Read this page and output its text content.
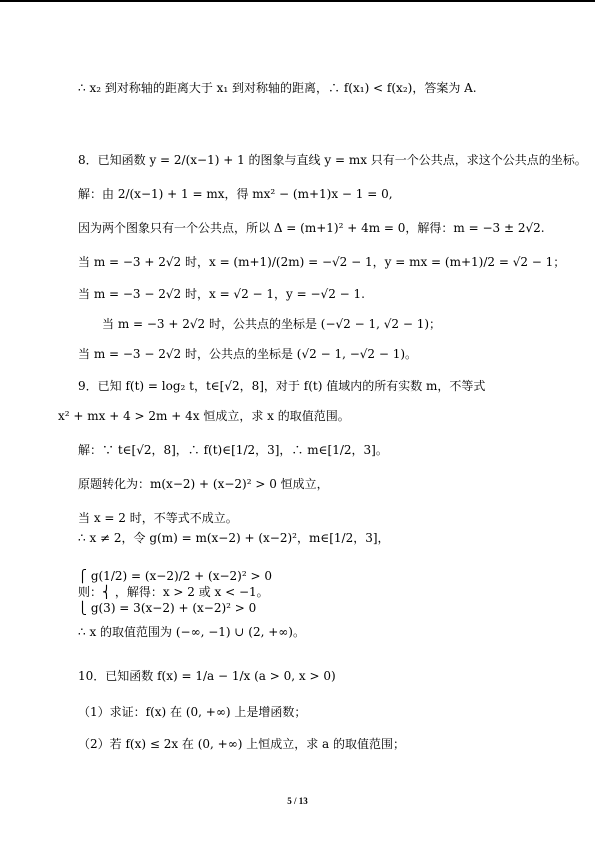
∴ x₂ 到对称轴的距离大于 x₁ 到对称轴的距离，∴ f(x₁) < f(x₂)，答案为 A.
8．已知函数 y = 2/(x−1) + 1 的图象与直线 y = mx 只有一个公共点，求这个公共点的坐标。
解：由 2/(x−1) + 1 = mx，得 mx² − (m+1)x − 1 = 0,
因为两个图象只有一个公共点，所以 Δ = (m+1)² + 4m = 0，解得：m = −3 ± 2√2.
当 m = −3 + 2√2 时，x = (m+1)/(2m) = −√2 − 1，y = mx = (m+1)/2 = √2 − 1；
当 m = −3 − 2√2 时，x = √2 − 1，y = −√2 − 1.
当 m = −3 + 2√2 时，公共点的坐标是 (−√2 − 1, √2 − 1)；
当 m = −3 − 2√2 时，公共点的坐标是 (√2 − 1, −√2 − 1)。
9．已知 f(t) = log₂ t，t∈[√2，8]，对于 f(t) 值域内的所有实数 m，不等式
x² + mx + 4 > 2m + 4x 恒成立，求 x 的取值范围。
解：∵ t∈[√2，8]，∴ f(t)∈[1/2，3]，∴ m∈[1/2，3]。
原题转化为：m(x−2) + (x−2)² > 0 恒成立，
当 x = 2 时，不等式不成立。
∴ x ≠ 2，令 g(m) = m(x−2) + (x−2)²，m∈[1/2，3]，
⎧ g(1/2) = (x−2)/2 + (x−2)² > 0
则：⎨ ，解得：x > 2 或 x < −1。
⎩ g(3) = 3(x−2) + (x−2)² > 0
∴ x 的取值范围为 (−∞, −1) ∪ (2, +∞)。
10．已知函数 f(x) = 1/a − 1/x (a > 0, x > 0)
（1）求证：f(x) 在 (0, +∞) 上是增函数；
（2）若 f(x) ≤ 2x 在 (0, +∞) 上恒成立，求 a 的取值范围；
5 / 13
